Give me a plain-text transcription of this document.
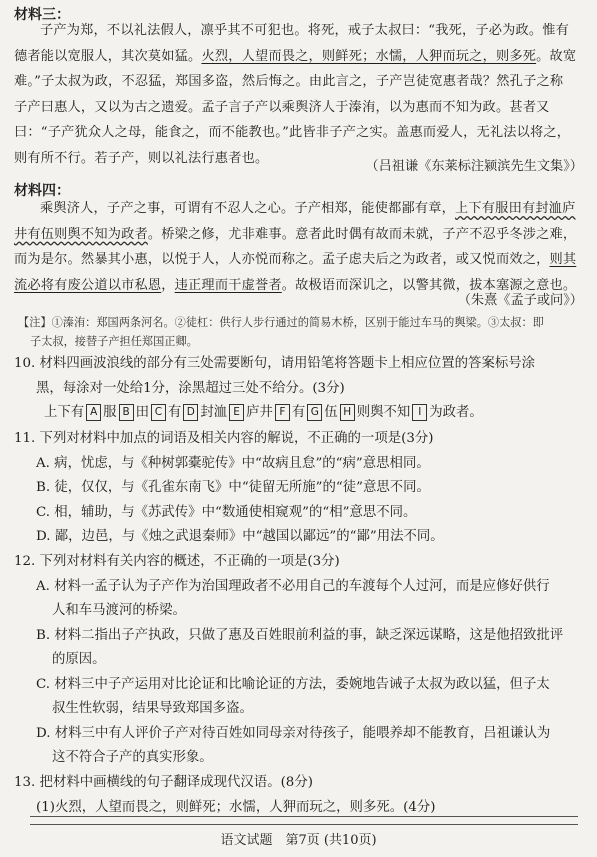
材料三：
子产为郑，不以礼法假人，凛乎其不可犯也。将死，戒子太叔曰：“我死，子必为政。惟有
德者能以宽服人，其次莫如猛。火烈，人望而畏之，则鲜死；水懦，人狎而玩之，则多死。故宽
难。”子太叔为政，不忍猛，郑国多盗，然后悔之。由此言之，子产岂徒宽惠者哉？然孔子之称
子产曰惠人，又以为古之遗爱。孟子言子产以乘舆济人于溱洧，以为惠而不知为政。甚者又
曰：“子产犹众人之母，能食之，而不能教也。”此皆非子产之实。盖惠而爱人，无礼法以将之，
则有所不行。若子产，则以礼法行惠者也。
（吕祖谦《东莱标注颍滨先生文集》）
材料四：
乘舆济人，子产之事，可谓有不忍人之心。子产相郑，能使都鄙有章，上下有服田有封洫庐
井有伍则舆不知为政者。桥梁之修，尤非难事。意者此时偶有故而未就，子产不忍乎冬涉之难，
而为是尔。然暴其小惠，以悦于人，人亦悦而称之。孟子虑夫后之为政者，或又悦而效之，则其
流必将有废公道以市私恩，违正理而干虚誉者。故极语而深讥之，以警其微，拔本塞源之意也。
（朱熹《孟子或问》）
【注】①溱洧：郑国两条河名。②徒杠：供行人步行通过的简易木桥，区别于能过车马的舆梁。③太叔：即
子太叔，接替子产担任郑国正卿。
10. 材料四画波浪线的部分有三处需要断句，请用铅笔将答题卡上相应位置的答案标号涂
黑，每涂对一处给1分，涂黑超过三处不给分。(3分)
上下有 A 服 B 田 C 有 D 封洫 E 庐井 F 有 G 伍 H 则舆不知 I 为政者。
11. 下列对材料中加点的词语及相关内容的解说，不正确的一项是(3分)
A. 病，忧虑，与《种树郭橐驼传》中“故病且怠”的“病”意思相同。
B. 徒，仅仅，与《孔雀东南飞》中“徒留无所施”的“徒”意思不同。
C. 相，辅助，与《苏武传》中“数通使相窥观”的“相”意思不同。
D. 鄙，边邑，与《烛之武退秦师》中“越国以鄙远”的“鄙”用法不同。
12. 下列对材料有关内容的概述，不正确的一项是(3分)
A. 材料一孟子认为子产作为治国理政者不必用自己的车渡每个人过河，而是应修好供行
人和车马渡河的桥梁。
B. 材料二指出子产执政，只做了惠及百姓眼前利益的事，缺乏深远谋略，这是他招致批评
的原因。
C. 材料三中子产运用对比论证和比喻论证的方法，委婉地告诫子太叔为政以猛，但子太
叔生性软弱，结果导致郑国多盗。
D. 材料三中有人评价子产对待百姓如同母亲对待孩子，能喂养却不能教育，吕祖谦认为
这不符合子产的真实形象。
13. 把材料中画横线的句子翻译成现代汉语。(8分)
(1)火烈，人望而畏之，则鲜死；水懦，人狎而玩之，则多死。(4分)
语文试题　第7页 (共10页)
